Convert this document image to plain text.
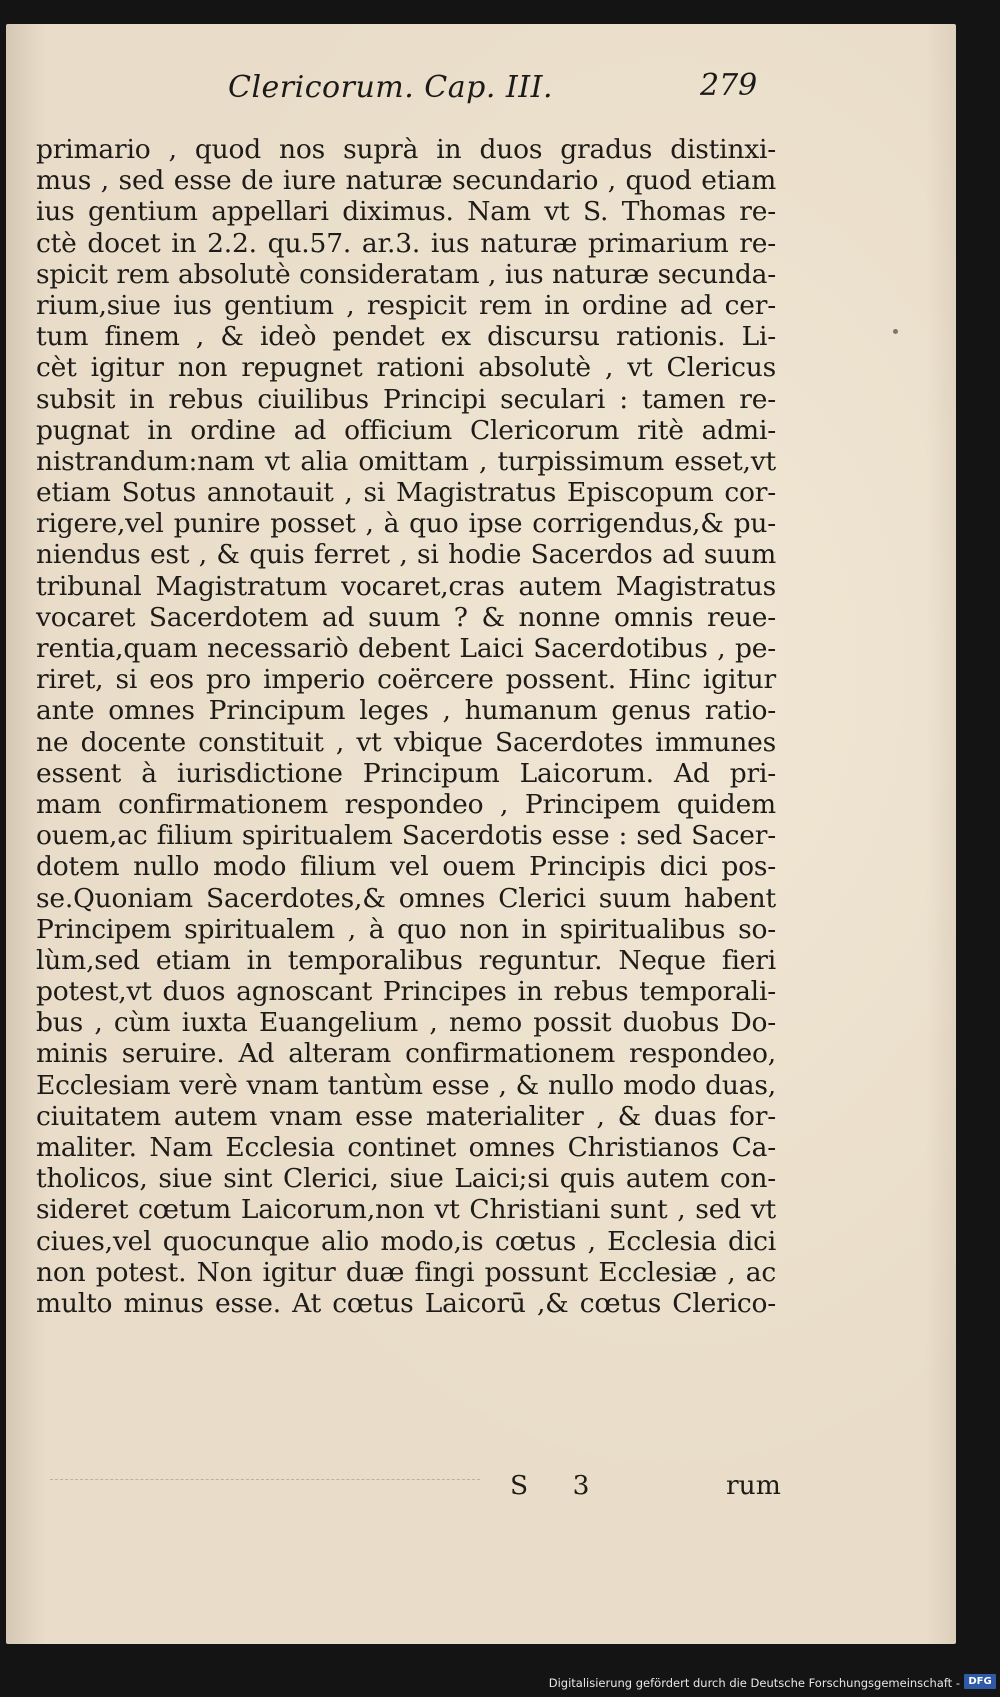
Clericorum. Cap. III.	279
primario , quod nos suprà in duos gradus distinxi-
mus , sed esse de iure naturæ secundario , quod etiam
ius gentium appellari diximus. Nam vt S. Thomas re-
ctè docet in 2.2. qu.57. ar.3. ius naturæ primarium re-
spicit rem absolutè consideratam , ius naturæ secunda-
rium,siue ius gentium , respicit rem in ordine ad cer-
tum finem , & ideò pendet ex discursu rationis. Li-
cèt igitur non repugnet rationi absolutè , vt Clericus
subsit in rebus ciuilibus Principi seculari : tamen re-
pugnat in ordine ad officium Clericorum ritè admi-
nistrandum:nam vt alia omittam , turpissimum esset,vt
etiam Sotus annotauit , si Magistratus Episcopum cor-
rigere,vel punire posset , à quo ipse corrigendus,& pu-
niendus est , & quis ferret , si hodie Sacerdos ad suum
tribunal Magistratum vocaret,cras autem Magistratus
vocaret Sacerdotem ad suum ? & nonne omnis reue-
rentia,quam necessariò debent Laici Sacerdotibus , pe-
riret, si eos pro imperio coërcere possent. Hinc igitur
ante omnes Principum leges , humanum genus ratio-
ne docente constituit , vt vbique Sacerdotes immunes
essent à iurisdictione Principum Laicorum. Ad pri-
mam confirmationem respondeo , Principem quidem
ouem,ac filium spiritualem Sacerdotis esse : sed Sacer-
dotem nullo modo filium vel ouem Principis dici pos-
se.Quoniam Sacerdotes,& omnes Clerici suum habent
Principem spiritualem , à quo non in spiritualibus so-
lùm,sed etiam in temporalibus reguntur. Neque fieri
potest,vt duos agnoscant Principes in rebus temporali-
bus , cùm iuxta Euangelium , nemo possit duobus Do-
minis seruire. Ad alteram confirmationem respondeo,
Ecclesiam verè vnam tantùm esse , & nullo modo duas,
ciuitatem autem vnam esse materialiter , & duas for-
maliter. Nam Ecclesia continet omnes Christianos Ca-
tholicos, siue sint Clerici, siue Laici;si quis autem con-
sideret cœtum Laicorum,non vt Christiani sunt , sed vt
ciues,vel quocunque alio modo,is cœtus , Ecclesia dici
non potest. Non igitur duæ fingi possunt Ecclesiæ , ac
multo minus esse. At cœtus Laicorū ,& cœtus Clerico-
S 3	rum
Digitalisierung gefördert durch die Deutsche Forschungsgemeinschaft - DFG
